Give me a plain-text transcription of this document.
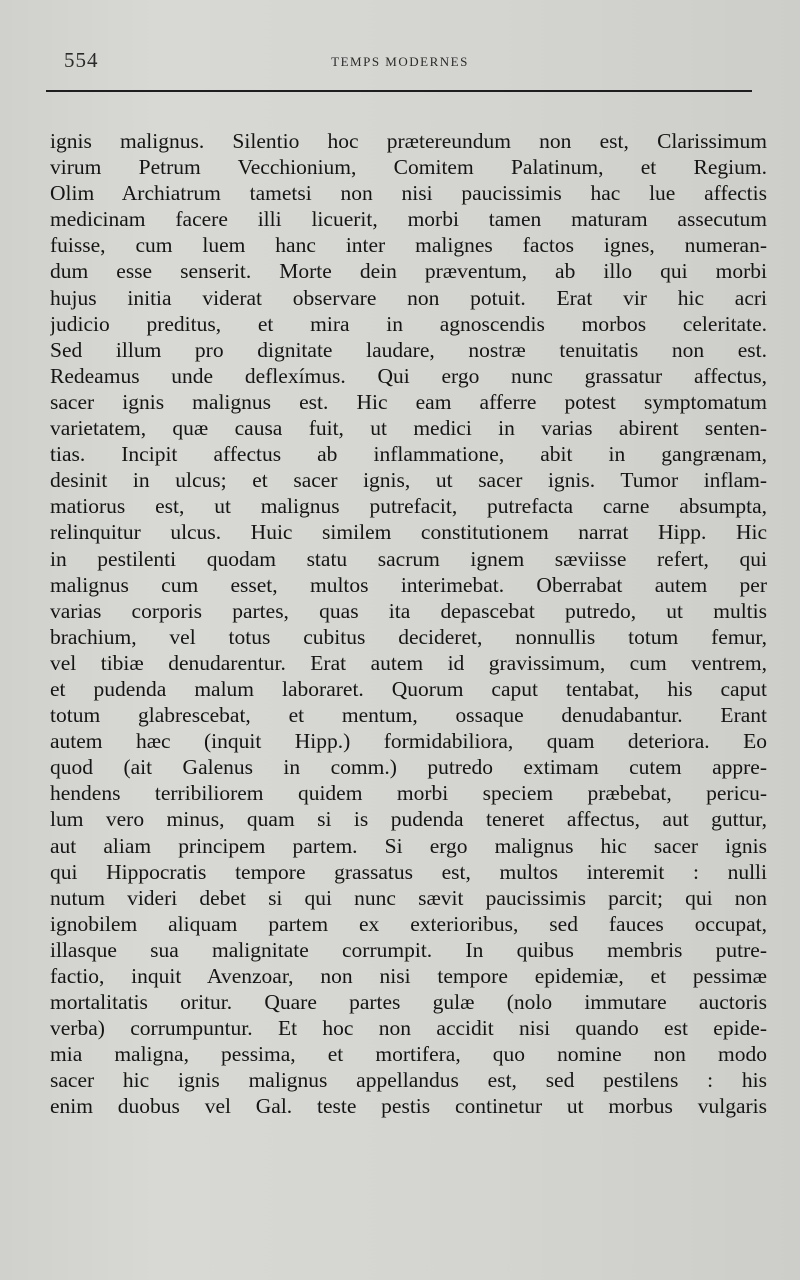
554	TEMPS MODERNES
ignis malignus. Silentio hoc prætereundum non est, Clarissimum
virum Petrum Vecchionium, Comitem Palatinum, et Regium.
Olim Archiatrum tametsi non nisi paucissimis hac lue affectis
medicinam facere illi licuerit, morbi tamen maturam assecutum
fuisse, cum luem hanc inter malignes factos ignes, numeran-
dum esse senserit. Morte dein præventum, ab illo qui morbi
hujus initia viderat observare non potuit. Erat vir hic acri
judicio preditus, et mira in agnoscendis morbos celeritate.
Sed illum pro dignitate laudare, nostræ tenuitatis non est.
Redeamus unde deflexímus. Qui ergo nunc grassatur affectus,
sacer ignis malignus est. Hic eam afferre potest symptomatum
varietatem, quæ causa fuit, ut medici in varias abirent senten-
tias. Incipit affectus ab inflammatione, abit in gangrænam,
desinit in ulcus; et sacer ignis, ut sacer ignis. Tumor inflam-
matiorus est, ut malignus putrefacit, putrefacta carne absumpta,
relinquitur ulcus. Huic similem constitutionem narrat Hipp. Hic
in pestilenti quodam statu sacrum ignem sæviisse refert, qui
malignus cum esset, multos interimebat. Oberrabat autem per
varias corporis partes, quas ita depascebat putredo, ut multis
brachium, vel totus cubitus decideret, nonnullis totum femur,
vel tibiæ denudarentur. Erat autem id gravissimum, cum ventrem,
et pudenda malum laboraret. Quorum caput tentabat, his caput
totum glabrescebat, et mentum, ossaque denudabantur. Erant
autem hæc (inquit Hipp.) formidabiliora, quam deteriora. Eo
quod (ait Galenus in comm.) putredo extimam cutem appre-
hendens terribiliorem quidem morbi speciem præbebat, pericu-
lum vero minus, quam si is pudenda teneret affectus, aut guttur,
aut aliam principem partem. Si ergo malignus hic sacer ignis
qui Hippocratis tempore grassatus est, multos interemit : nulli
nutum videri debet si qui nunc sævit paucissimis parcit; qui non
ignobilem aliquam partem ex exterioribus, sed fauces occupat,
illasque sua malignitate corrumpit. In quibus membris putre-
factio, inquit Avenzoar, non nisi tempore epidemiæ, et pessimæ
mortalitatis oritur. Quare partes gulæ (nolo immutare auctoris
verba) corrumpuntur. Et hoc non accidit nisi quando est epide-
mia maligna, pessima, et mortifera, quo nomine non modo
sacer hic ignis malignus appellandus est, sed pestilens : his
enim duobus vel Gal. teste pestis continetur ut morbus vulgaris
